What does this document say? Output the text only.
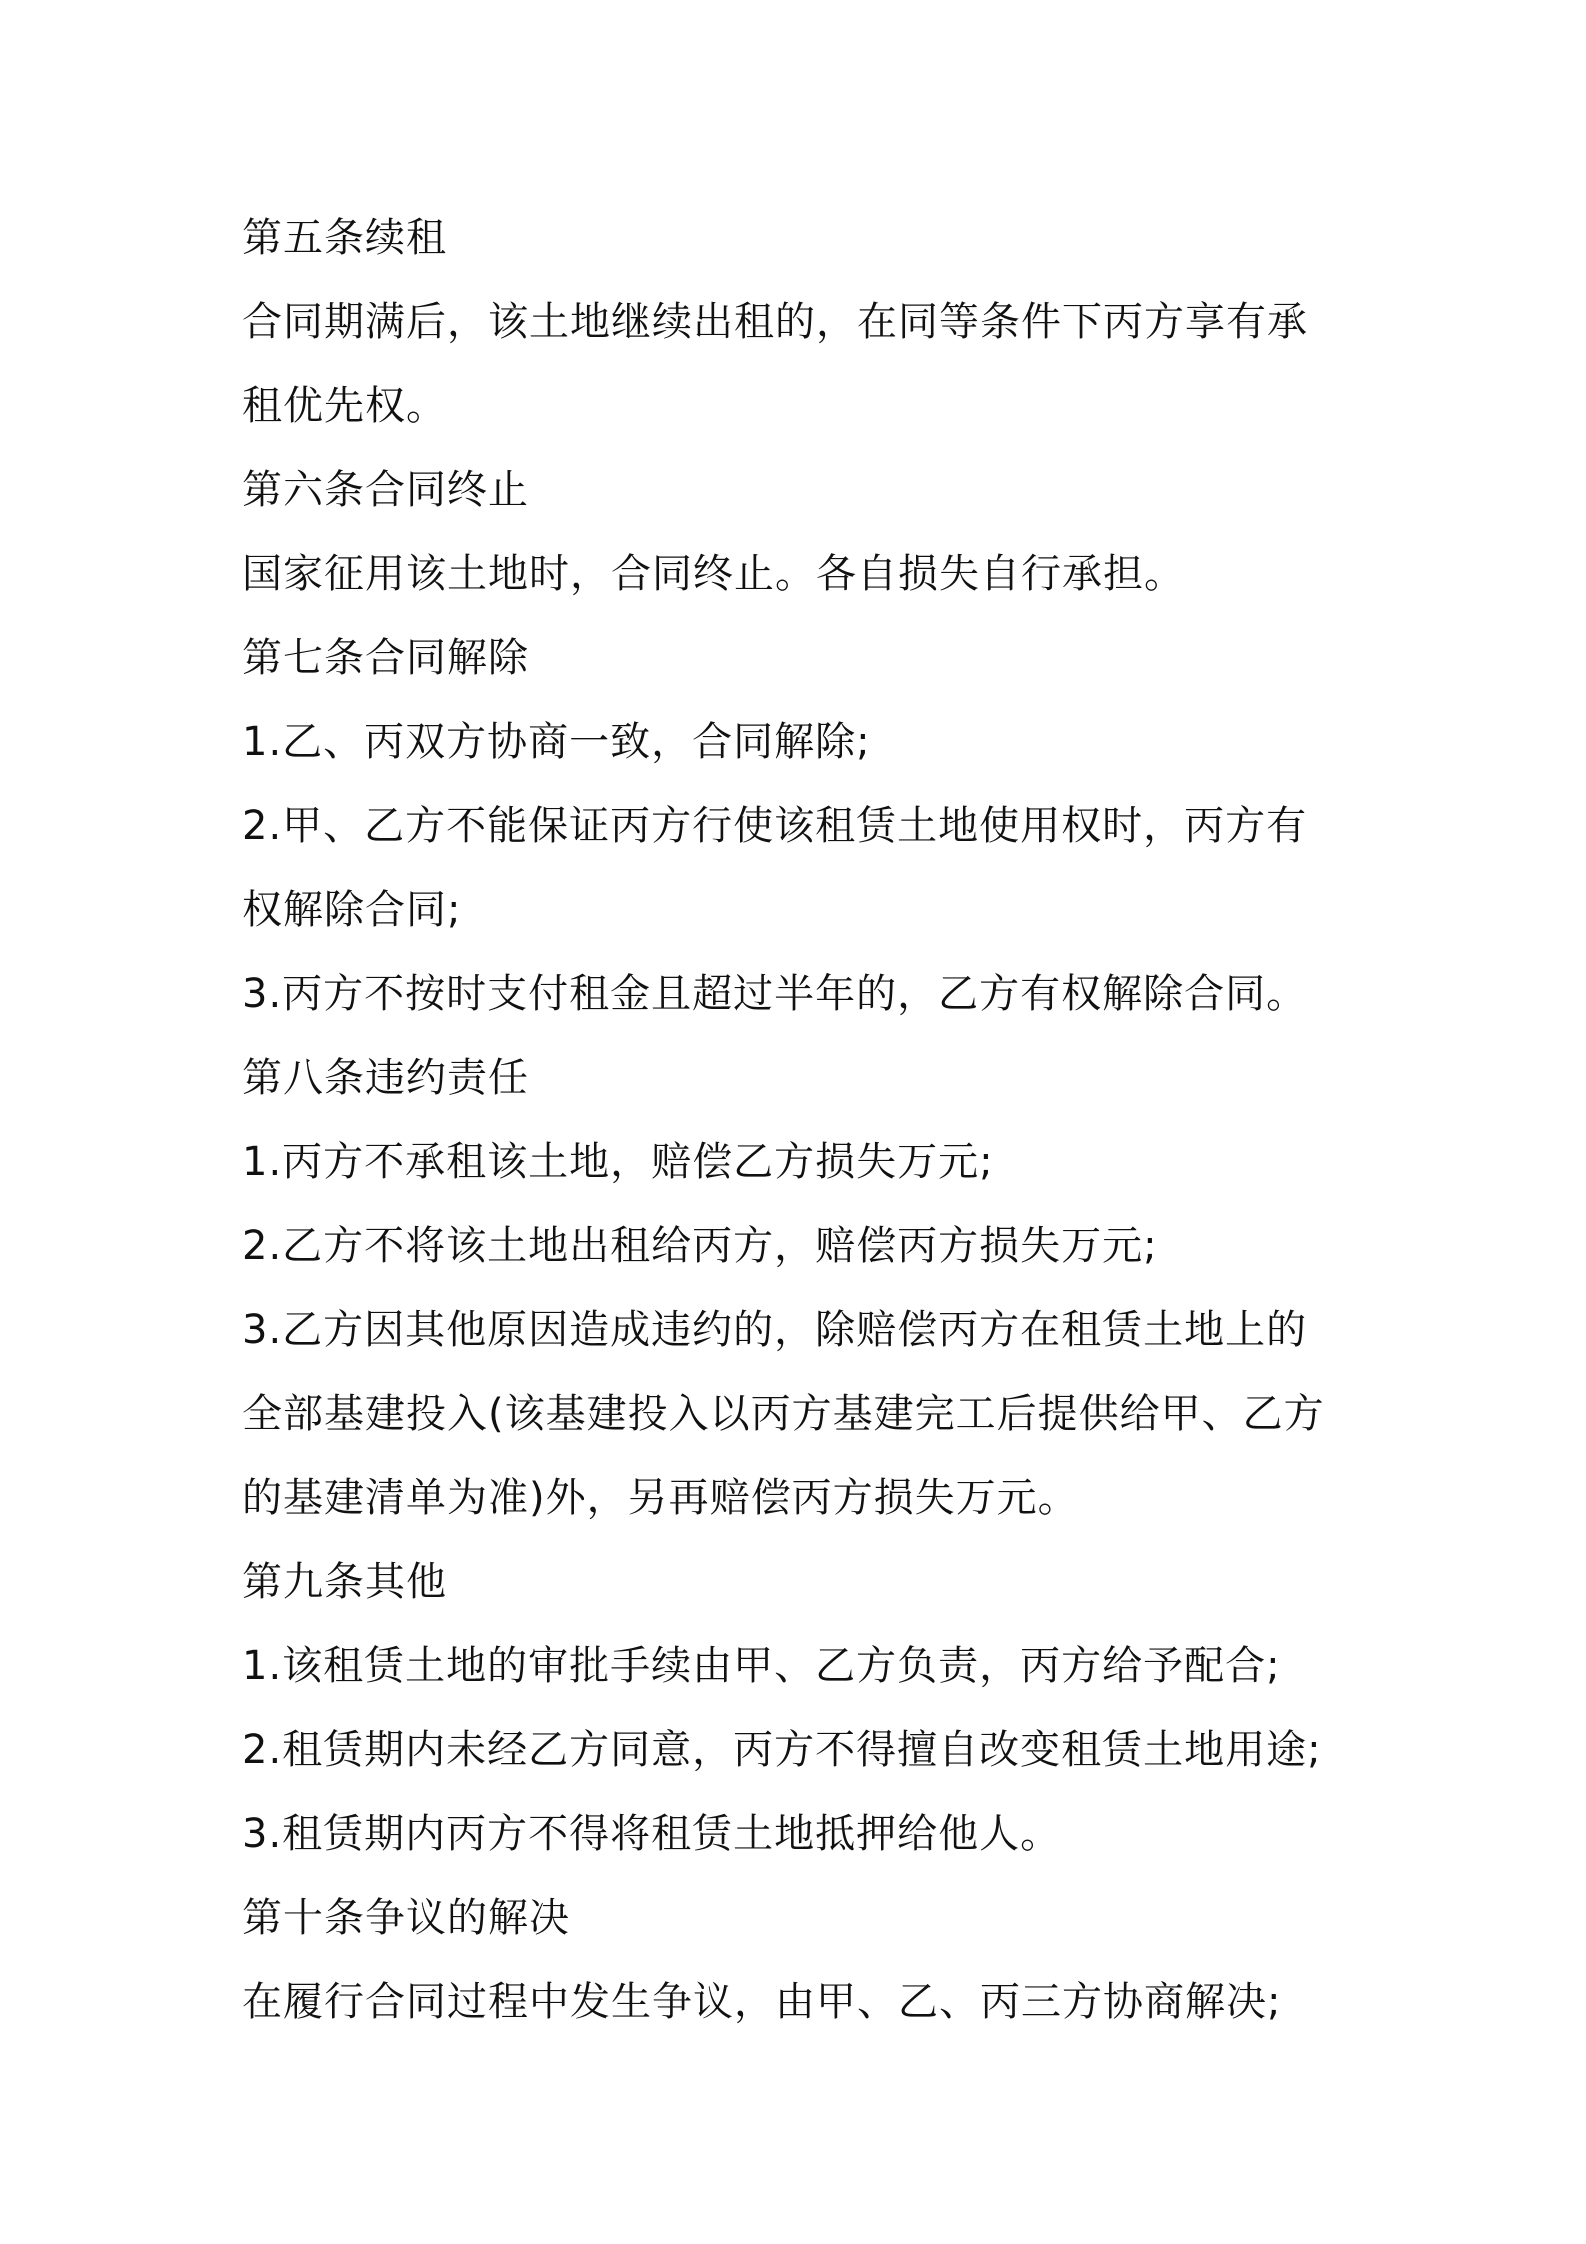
第五条续租
合同期满后，该土地继续出租的，在同等条件下丙方享有承
租优先权。
第六条合同终止
国家征用该土地时，合同终止。各自损失自行承担。
第七条合同解除
1.乙、丙双方协商一致，合同解除;
2.甲、乙方不能保证丙方行使该租赁土地使用权时，丙方有
权解除合同;
3.丙方不按时支付租金且超过半年的，乙方有权解除合同。
第八条违约责任
1.丙方不承租该土地，赔偿乙方损失万元;
2.乙方不将该土地出租给丙方，赔偿丙方损失万元;
3.乙方因其他原因造成违约的，除赔偿丙方在租赁土地上的
全部基建投入(该基建投入以丙方基建完工后提供给甲、乙方
的基建清单为准)外，另再赔偿丙方损失万元。
第九条其他
1.该租赁土地的审批手续由甲、乙方负责，丙方给予配合;
2.租赁期内未经乙方同意，丙方不得擅自改变租赁土地用途;
3.租赁期内丙方不得将租赁土地抵押给他人。
第十条争议的解决
在履行合同过程中发生争议，由甲、乙、丙三方协商解决;
